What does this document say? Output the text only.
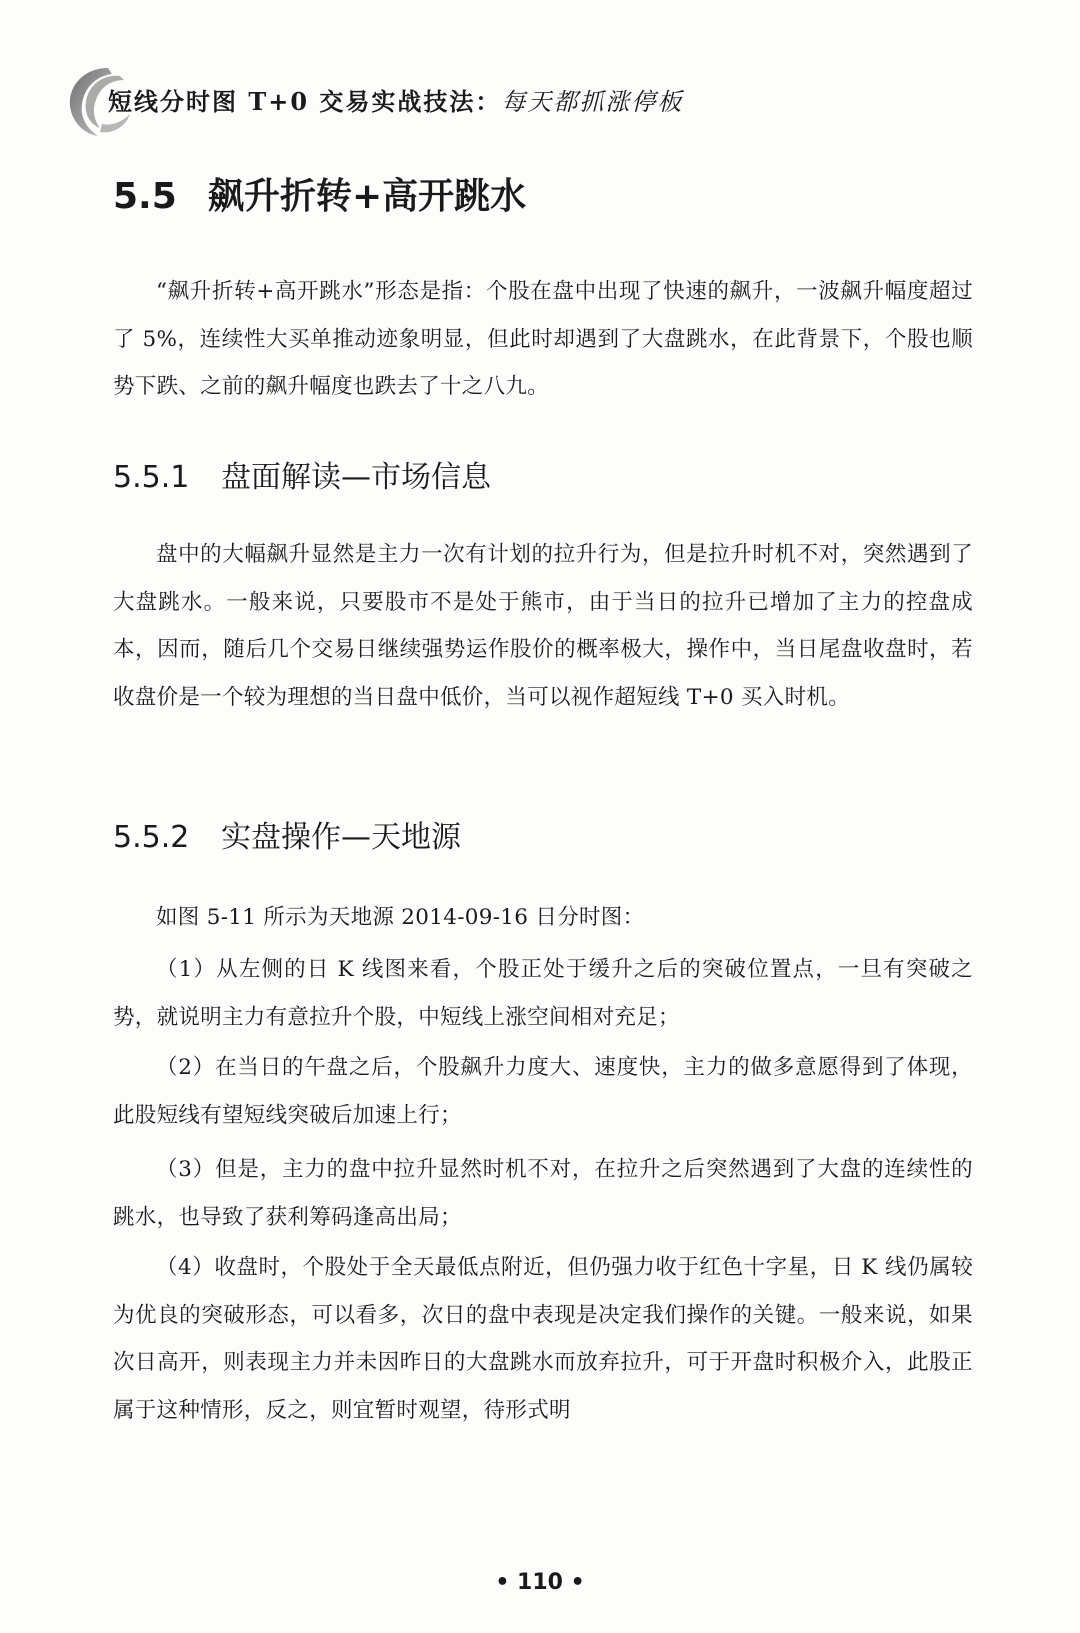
短线分时图 T+0 交易实战技法：每天都抓涨停板
5.5 飙升折转+高开跳水
“飙升折转+高开跳水”形态是指：个股在盘中出现了快速的飙升，一波飙升幅度超过了 5%，连续性大买单推动迹象明显，但此时却遇到了大盘跳水，在此背景下，个股也顺势下跌、之前的飙升幅度也跌去了十之八九。
5.5.1 盘面解读—市场信息
盘中的大幅飙升显然是主力一次有计划的拉升行为，但是拉升时机不对，突然遇到了大盘跳水。一般来说，只要股市不是处于熊市，由于当日的拉升已增加了主力的控盘成本，因而，随后几个交易日继续强势运作股价的概率极大，操作中，当日尾盘收盘时，若收盘价是一个较为理想的当日盘中低价，当可以视作超短线 T+0 买入时机。
5.5.2 实盘操作—天地源
如图 5-11 所示为天地源 2014-09-16 日分时图：
（1）从左侧的日 K 线图来看，个股正处于缓升之后的突破位置点，一旦有突破之势，就说明主力有意拉升个股，中短线上涨空间相对充足；
（2）在当日的午盘之后，个股飙升力度大、速度快，主力的做多意愿得到了体现，此股短线有望短线突破后加速上行；
（3）但是，主力的盘中拉升显然时机不对，在拉升之后突然遇到了大盘的连续性的跳水，也导致了获利筹码逢高出局；
（4）收盘时，个股处于全天最低点附近，但仍强力收于红色十字星，日 K 线仍属较为优良的突破形态，可以看多，次日的盘中表现是决定我们操作的关键。一般来说，如果次日高开，则表现主力并未因昨日的大盘跳水而放弃拉升，可于开盘时积极介入，此股正属于这种情形，反之，则宜暂时观望，待形式明
• 110 •
